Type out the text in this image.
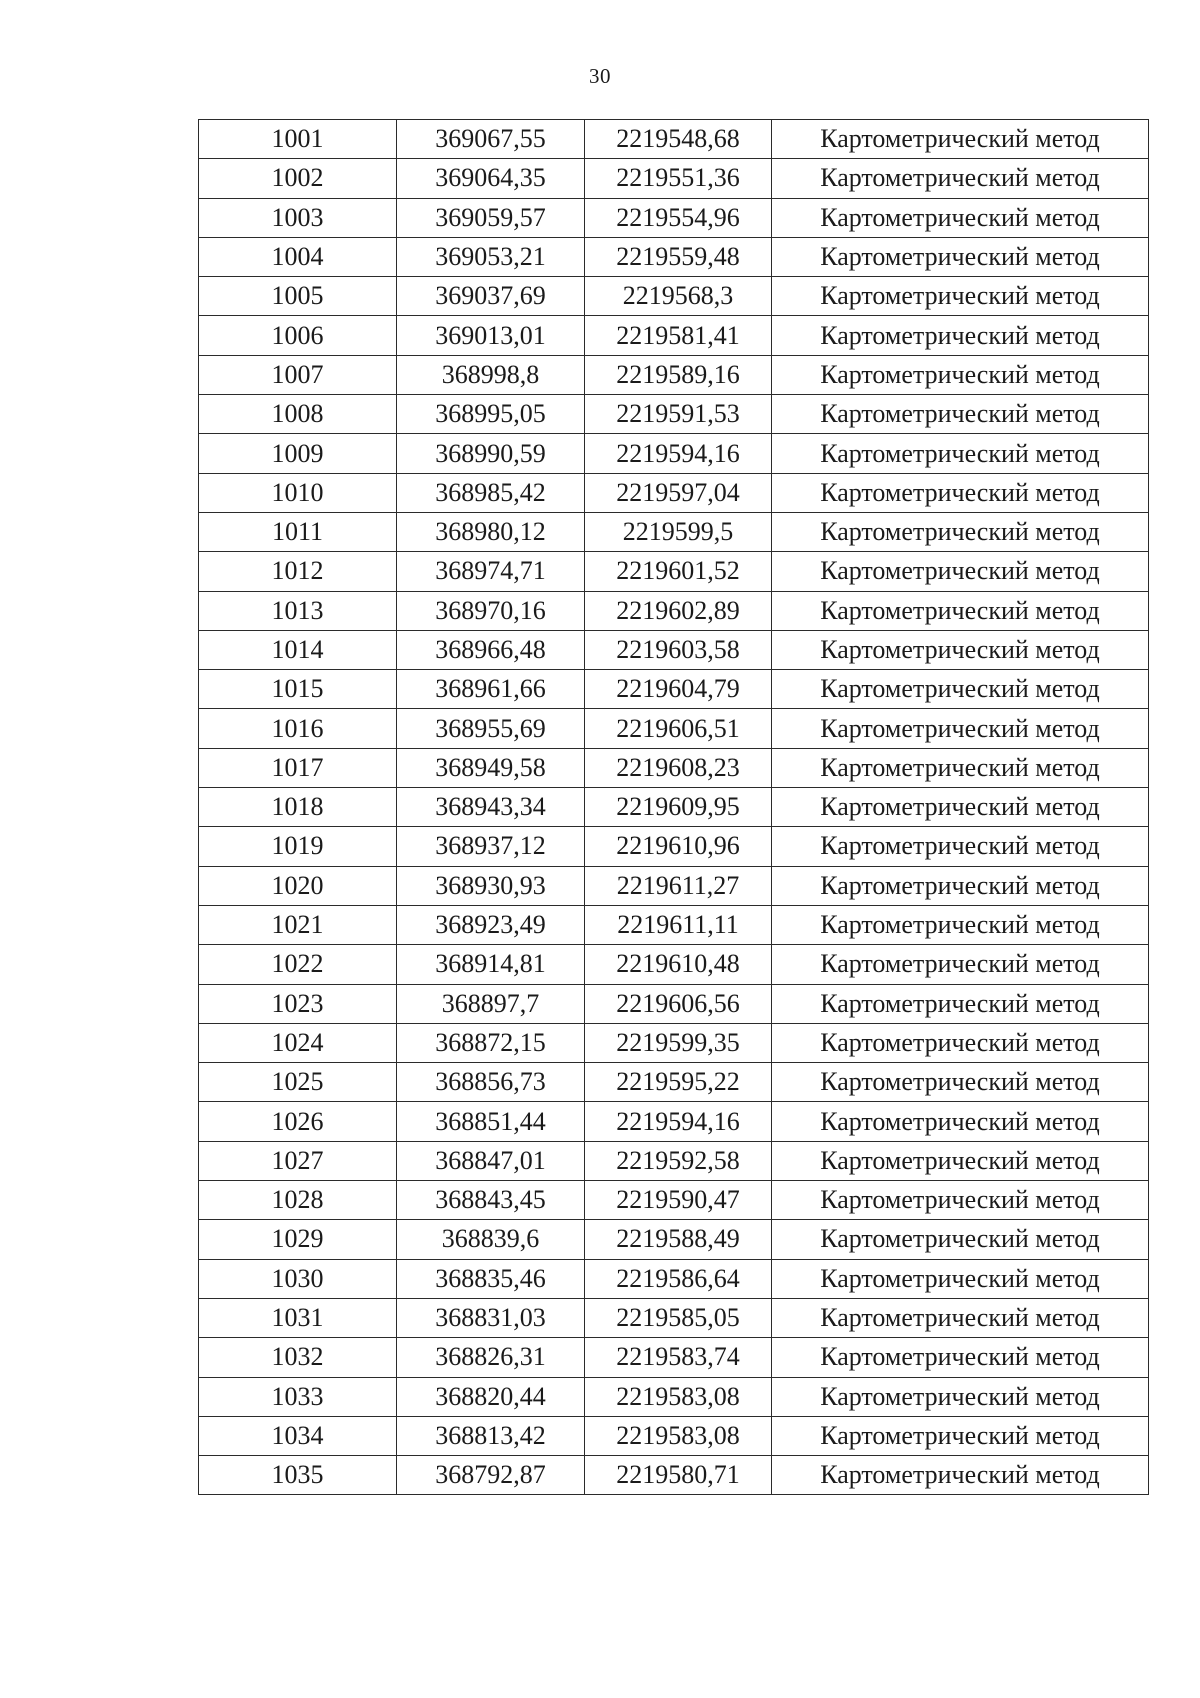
30
1001	369067,55	2219548,68	Картометрический метод
1002	369064,35	2219551,36	Картометрический метод
1003	369059,57	2219554,96	Картометрический метод
1004	369053,21	2219559,48	Картометрический метод
1005	369037,69	2219568,3	Картометрический метод
1006	369013,01	2219581,41	Картометрический метод
1007	368998,8	2219589,16	Картометрический метод
1008	368995,05	2219591,53	Картометрический метод
1009	368990,59	2219594,16	Картометрический метод
1010	368985,42	2219597,04	Картометрический метод
1011	368980,12	2219599,5	Картометрический метод
1012	368974,71	2219601,52	Картометрический метод
1013	368970,16	2219602,89	Картометрический метод
1014	368966,48	2219603,58	Картометрический метод
1015	368961,66	2219604,79	Картометрический метод
1016	368955,69	2219606,51	Картометрический метод
1017	368949,58	2219608,23	Картометрический метод
1018	368943,34	2219609,95	Картометрический метод
1019	368937,12	2219610,96	Картометрический метод
1020	368930,93	2219611,27	Картометрический метод
1021	368923,49	2219611,11	Картометрический метод
1022	368914,81	2219610,48	Картометрический метод
1023	368897,7	2219606,56	Картометрический метод
1024	368872,15	2219599,35	Картометрический метод
1025	368856,73	2219595,22	Картометрический метод
1026	368851,44	2219594,16	Картометрический метод
1027	368847,01	2219592,58	Картометрический метод
1028	368843,45	2219590,47	Картометрический метод
1029	368839,6	2219588,49	Картометрический метод
1030	368835,46	2219586,64	Картометрический метод
1031	368831,03	2219585,05	Картометрический метод
1032	368826,31	2219583,74	Картометрический метод
1033	368820,44	2219583,08	Картометрический метод
1034	368813,42	2219583,08	Картометрический метод
1035	368792,87	2219580,71	Картометрический метод
